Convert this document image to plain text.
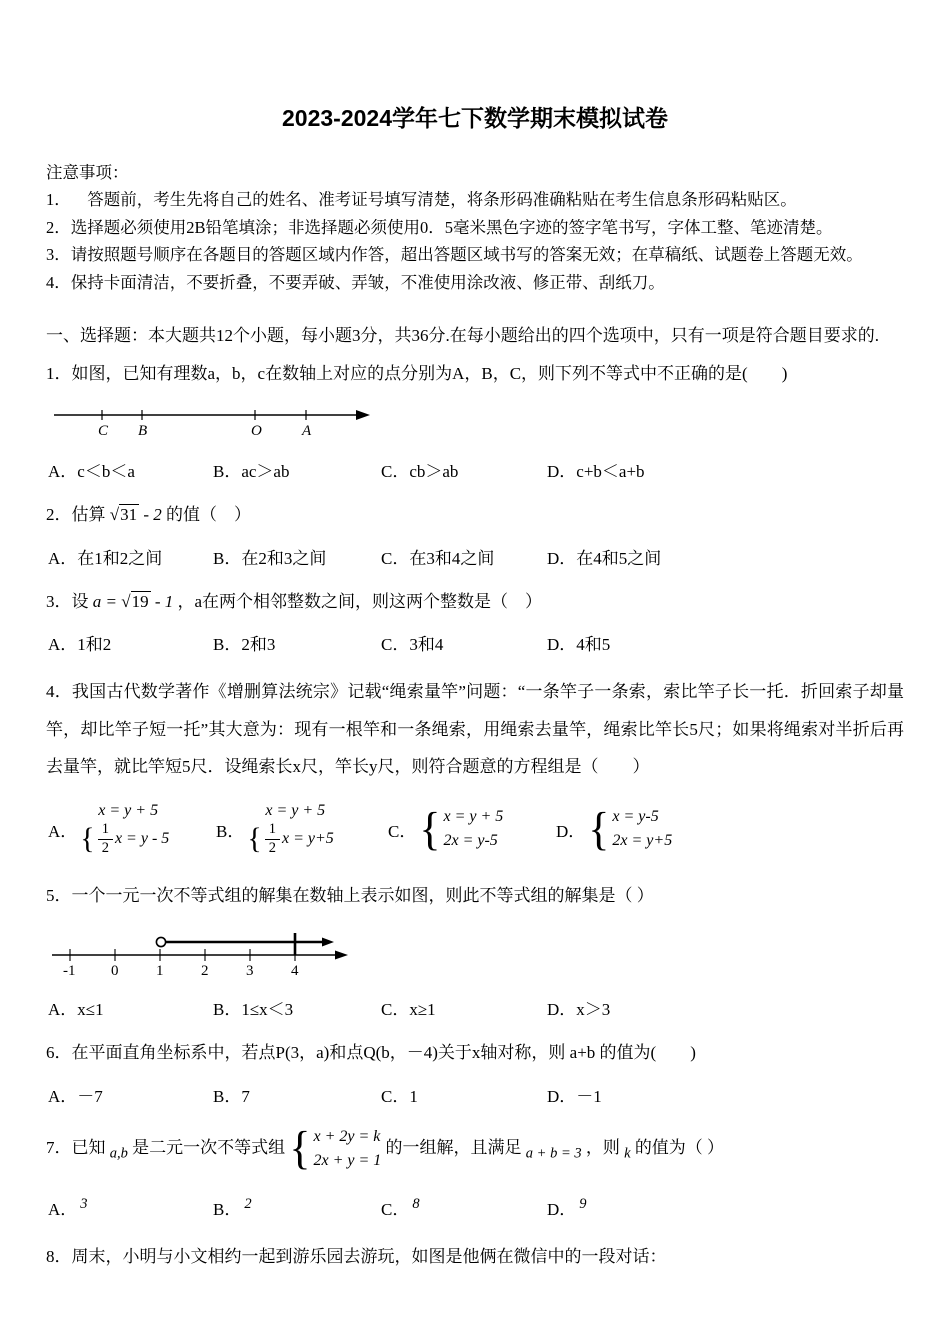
2023-2024学年七下数学期末模拟试卷
注意事项：

1．    答题前，考生先将自己的姓名、准考证号填写清楚，将条形码准确粘贴在考生信息条形码粘贴区。

2．选择题必须使用2B铅笔填涂；非选择题必须使用0．5毫米黑色字迹的签字笔书写，字体工整、笔迹清楚。

3．请按照题号顺序在各题目的答题区域内作答，超出答题区域书写的答案无效；在草稿纸、试题卷上答题无效。

4．保持卡面清洁，不要折叠，不要弄破、弄皱，不准使用涂改液、修正带、刮纸刀。

一、选择题：本大题共12个小题，每小题3分，共36分.在每小题给出的四个选项中，只有一项是符合题目要求的.
1．如图，已知有理数a，b，c在数轴上对应的点分别为A，B，C，则下列不等式中不正确的是(　　)
C B	O	A
A．c＜b＜a	B．ac＞ab	C．cb＞ab	D．c+b＜a+b
2．估算 √31 - 2 的值（　）
A．在1和2之间	B．在2和3之间	C．在3和4之间	D．在4和5之间
3．设 a = √19 - 1 ，a在两个相邻整数之间，则这两个整数是（　）
A．1和2	B．2和3	C．3和4	D．4和5
4．我国古代数学著作《增删算法统宗》记载“绳索量竿”问题：“一条竿子一条索，索比竿子长一托．折回索子却量竿，却比竿子短一托”其大意为：现有一根竿和一条绳索，用绳索去量竿，绳索比竿长5尺；如果将绳索对半折后再去量竿，就比竿短5尺．设绳索长x尺，竿长y尺，则符合题意的方程组是（　　）
A．
x = y + 5
{ $\frac{1}{2}$ x = y - 5	B．
x = y + 5
{ $\frac{1}{2}$ x = y+5	C． { x = y + 5
2x = y-5	D． { x = y-5
2x = y+5
5．一个一元一次不等式组的解集在数轴上表示如图，则此不等式组的解集是（ ）
-1 0	1	2	3	4
A．x≤1	B．1≤x＜3	C．x≥1	D．x＞3
6．在平面直角坐标系中，若点P(3，a)和点Q(b，－4)关于x轴对称，则 a+b 的值为(　　)
A．－7	B．7	C．1	D．－1
7．已知 a,b 是二元一次不等式组 { x + 2y = k
2x + y = 1
的一组解，且满足 a + b = 3 ，则 k 的值为（ ）
A． 3	B． 2	C． 8	D． 9
8．周末，小明与小文相约一起到游乐园去游玩，如图是他俩在微信中的一段对话：
